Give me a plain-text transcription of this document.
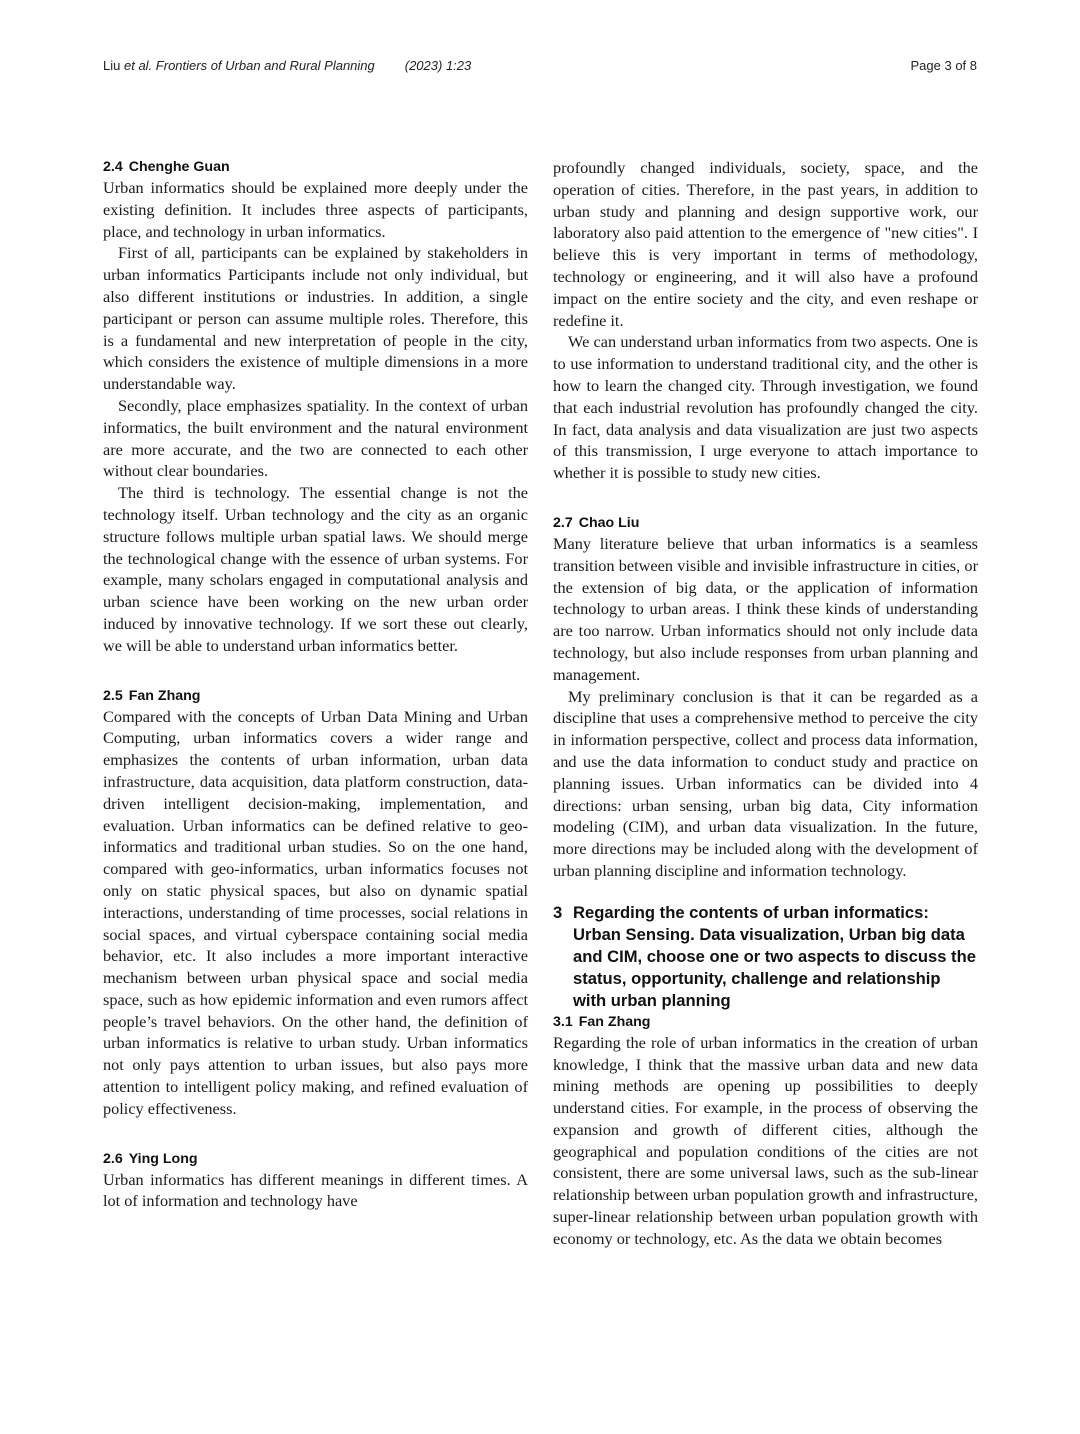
Liu et al. Frontiers of Urban and Rural Planning (2023) 1:23	Page 3 of 8
2.4 Chenghe Guan

Urban informatics should be explained more deeply under the existing definition. It includes three aspects of participants, place, and technology in urban informatics.

First of all, participants can be explained by stakeholders in urban informatics Participants include not only individual, but also different institutions or industries. In addition, a single participant or person can assume multiple roles. Therefore, this is a fundamental and new interpretation of people in the city, which considers the existence of multiple dimensions in a more understandable way.

Secondly, place emphasizes spatiality. In the context of urban informatics, the built environment and the natural environment are more accurate, and the two are connected to each other without clear boundaries.

The third is technology. The essential change is not the technology itself. Urban technology and the city as an organic structure follows multiple urban spatial laws. We should merge the technological change with the essence of urban systems. For example, many scholars engaged in computational analysis and urban science have been working on the new urban order induced by innovative technology. If we sort these out clearly, we will be able to understand urban informatics better.

2.5 Fan Zhang

Compared with the concepts of Urban Data Mining and Urban Computing, urban informatics covers a wider range and emphasizes the contents of urban information, urban data infrastructure, data acquisition, data platform construction, data-driven intelligent decision-making, implementation, and evaluation. Urban informatics can be defined relative to geo-informatics and traditional urban studies. So on the one hand, compared with geo-informatics, urban informatics focuses not only on static physical spaces, but also on dynamic spatial interactions, understanding of time processes, social relations in social spaces, and virtual cyberspace containing social media behavior, etc. It also includes a more important interactive mechanism between urban physical space and social media space, such as how epidemic information and even rumors affect people’s travel behaviors. On the other hand, the definition of urban informatics is relative to urban study. Urban informatics not only pays attention to urban issues, but also pays more attention to intelligent policy making, and refined evaluation of policy effectiveness.

2.6 Ying Long

Urban informatics has different meanings in different times. A lot of information and technology have

profoundly changed individuals, society, space, and the operation of cities. Therefore, in the past years, in addition to urban study and planning and design supportive work, our laboratory also paid attention to the emergence of "new cities". I believe this is very important in terms of methodology, technology or engineering, and it will also have a profound impact on the entire society and the city, and even reshape or redefine it.

We can understand urban informatics from two aspects. One is to use information to understand traditional city, and the other is how to learn the changed city. Through investigation, we found that each industrial revolution has profoundly changed the city. In fact, data analysis and data visualization are just two aspects of this transmission, I urge everyone to attach importance to whether it is possible to study new cities.

2.7 Chao Liu

Many literature believe that urban informatics is a seamless transition between visible and invisible infrastructure in cities, or the extension of big data, or the application of information technology to urban areas. I think these kinds of understanding are too narrow. Urban informatics should not only include data technology, but also include responses from urban planning and management.

My preliminary conclusion is that it can be regarded as a discipline that uses a comprehensive method to perceive the city in information perspective, collect and process data information, and use the data information to conduct study and practice on planning issues. Urban informatics can be divided into 4 directions: urban sensing, urban big data, City information modeling (CIM), and urban data visualization. In the future, more directions may be included along with the development of urban planning discipline and information technology.

3 Regarding the contents of urban informatics: Urban Sensing. Data visualization, Urban big data and CIM, choose one or two aspects to discuss the status, opportunity, challenge and relationship with urban planning
3.1 Fan Zhang

Regarding the role of urban informatics in the creation of urban knowledge, I think that the massive urban data and new data mining methods are opening up possibilities to deeply understand cities. For example, in the process of observing the expansion and growth of different cities, although the geographical and population conditions of the cities are not consistent, there are some universal laws, such as the sub-linear relationship between urban population growth and infrastructure, super-linear relationship between urban population growth with economy or technology, etc. As the data we obtain becomes
